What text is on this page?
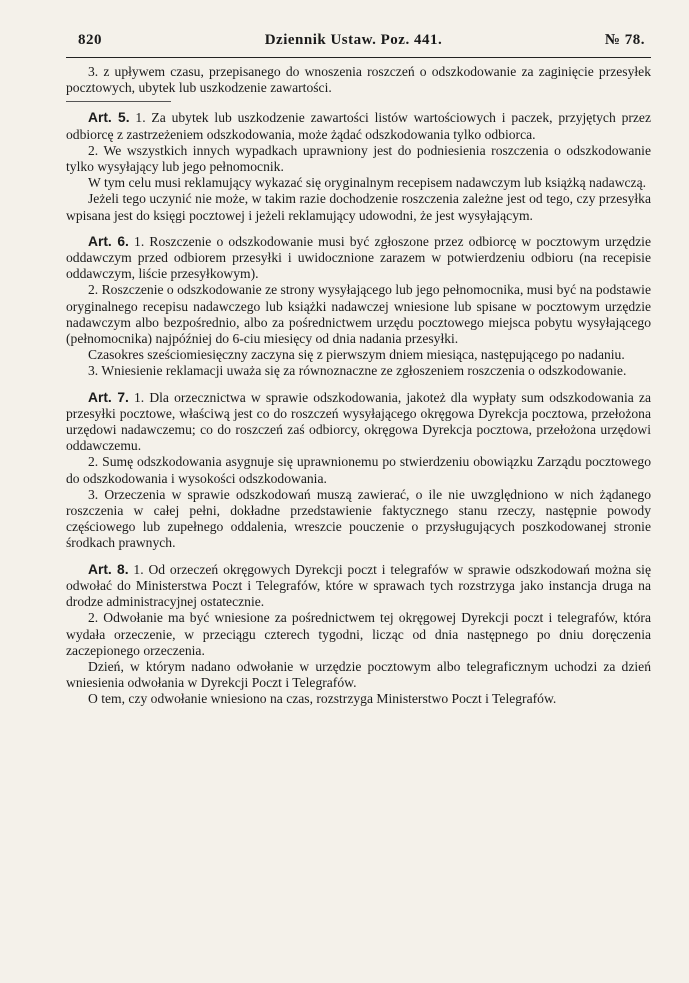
820	Dziennik Ustaw. Poz. 441.	№ 78.

3. z upływem czasu, przepisanego do wnoszenia roszczeń o odszkodowanie za zaginięcie przesyłek pocztowych, ubytek lub uszkodzenie zawartości.

Art. 5. 1. Za ubytek lub uszkodzenie zawartości listów wartościowych i paczek, przyjętych przez odbiorcę z zastrzeżeniem odszkodowania, może żądać odszkodowania tylko odbiorca.

2. We wszystkich innych wypadkach uprawniony jest do podniesienia roszczenia o odszkodowanie tylko wysyłający lub jego pełnomocnik.

W tym celu musi reklamujący wykazać się oryginalnym recepisem nadawczym lub książką nadawczą.

Jeżeli tego uczynić nie może, w takim razie dochodzenie roszczenia zależne jest od tego, czy przesyłka wpisana jest do księgi pocztowej i jeżeli reklamujący udowodni, że jest wysyłającym.

Art. 6. 1. Roszczenie o odszkodowanie musi być zgłoszone przez odbiorcę w pocztowym urzędzie oddawczym przed odbiorem przesyłki i uwidocznione zarazem w potwierdzeniu odbioru (na recepisie oddawczym, liście przesyłkowym).

2. Roszczenie o odszkodowanie ze strony wysyłającego lub jego pełnomocnika, musi być na podstawie oryginalnego recepisu nadawczego lub książki nadawczej wniesione lub spisane w pocztowym urzędzie nadawczym albo bezpośrednio, albo za pośrednictwem urzędu pocztowego miejsca pobytu wysyłającego (pełnomocnika) najpóźniej do 6-ciu miesięcy od dnia nadania przesyłki.

Czasokres sześciomiesięczny zaczyna się z pierwszym dniem miesiąca, następującego po nadaniu.

3. Wniesienie reklamacji uważa się za równoznaczne ze zgłoszeniem roszczenia o odszkodowanie.

Art. 7. 1. Dla orzecznictwa w sprawie odszkodowania, jakoteż dla wypłaty sum odszkodowania za przesyłki pocztowe, właściwą jest co do roszczeń wysyłającego okręgowa Dyrekcja pocztowa, przełożona urzędowi nadawczemu; co do roszczeń zaś odbiorcy, okręgowa Dyrekcja pocztowa, przełożona urzędowi oddawczemu.

2. Sumę odszkodowania asygnuje się uprawnionemu po stwierdzeniu obowiązku Zarządu pocztowego do odszkodowania i wysokości odszkodowania.

3. Orzeczenia w sprawie odszkodowań muszą zawierać, o ile nie uwzględniono w nich żądanego roszczenia w całej pełni, dokładne przedstawienie faktycznego stanu rzeczy, następnie powody częściowego lub zupełnego oddalenia, wreszcie pouczenie o przysługujących poszkodowanej stronie środkach prawnych.

Art. 8. 1. Od orzeczeń okręgowych Dyrekcji poczt i telegrafów w sprawie odszkodowań można się odwołać do Ministerstwa Poczt i Telegrafów, które w sprawach tych rozstrzyga jako instancja druga na drodze administracyjnej ostatecznie.

2. Odwołanie ma być wniesione za pośrednictwem tej okręgowej Dyrekcji poczt i telegrafów, która wydała orzeczenie, w przeciągu czterech tygodni, licząc od dnia następnego po dniu doręczenia zaczepionego orzeczenia.

Dzień, w którym nadano odwołanie w urzędzie pocztowym albo telegraficznym uchodzi za dzień wniesienia odwołania w Dyrekcji Poczt i Telegrafów.

O tem, czy odwołanie wniesiono na czas, rozstrzyga Ministerstwo Poczt i Telegrafów.
